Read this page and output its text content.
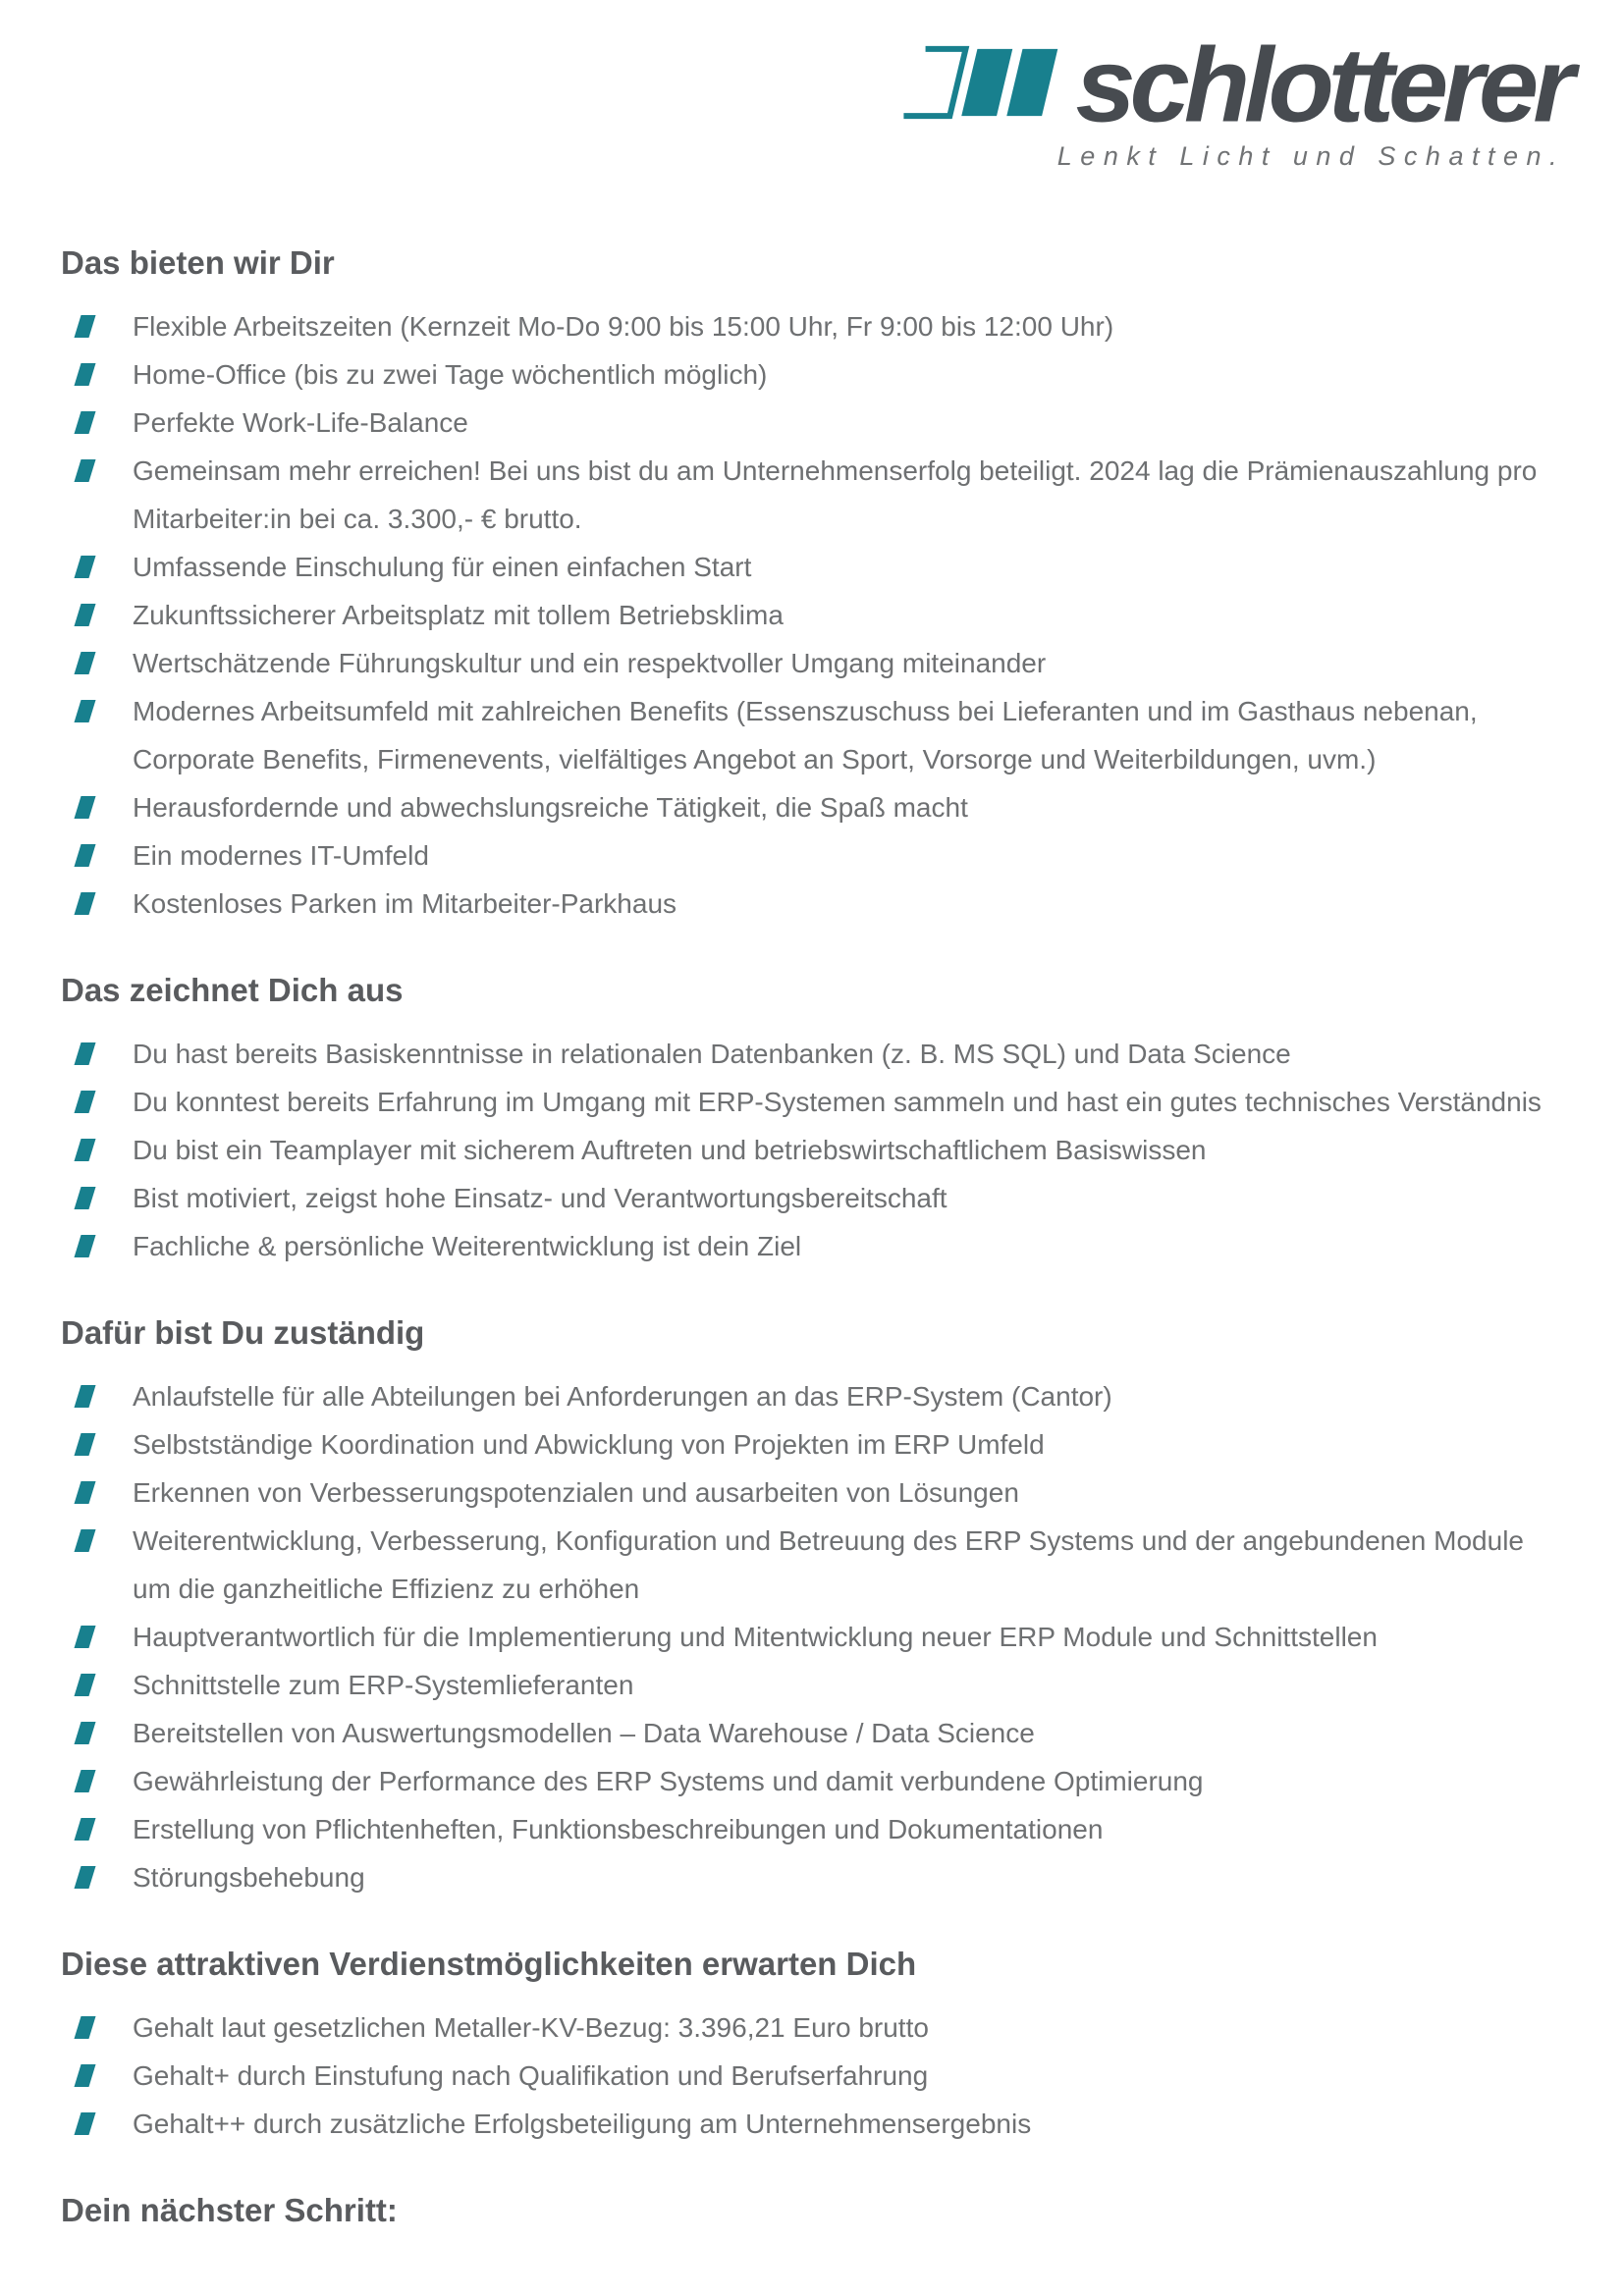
schlotterer
Lenkt Licht und Schatten.
Das bieten wir Dir
Flexible Arbeitszeiten (Kernzeit Mo-Do 9:00 bis 15:00 Uhr, Fr 9:00 bis 12:00 Uhr)
Home-Office (bis zu zwei Tage wöchentlich möglich)
Perfekte Work-Life-Balance
Gemeinsam mehr erreichen! Bei uns bist du am Unternehmenserfolg beteiligt. 2024 lag die Prämienauszahlung pro Mitarbeiter:in bei ca. 3.300,- € brutto.
Umfassende Einschulung für einen einfachen Start
Zukunftssicherer Arbeitsplatz mit tollem Betriebsklima
Wertschätzende Führungskultur und ein respektvoller Umgang miteinander
Modernes Arbeitsumfeld mit zahlreichen Benefits (Essenszuschuss bei Lieferanten und im Gasthaus nebenan, Corporate Benefits, Firmenevents, vielfältiges Angebot an Sport, Vorsorge und Weiterbildungen, uvm.)
Herausfordernde und abwechslungsreiche Tätigkeit, die Spaß macht
Ein modernes IT-Umfeld
Kostenloses Parken im Mitarbeiter-Parkhaus
Das zeichnet Dich aus
Du hast bereits Basiskenntnisse in relationalen Datenbanken (z. B. MS SQL) und Data Science
Du konntest bereits Erfahrung im Umgang mit ERP-Systemen sammeln und hast ein gutes technisches Verständnis
Du bist ein Teamplayer mit sicherem Auftreten und betriebswirtschaftlichem Basiswissen
Bist motiviert, zeigst hohe Einsatz- und Verantwortungsbereitschaft
Fachliche & persönliche Weiterentwicklung ist dein Ziel
Dafür bist Du zuständig
Anlaufstelle für alle Abteilungen bei Anforderungen an das ERP-System (Cantor)
Selbstständige Koordination und Abwicklung von Projekten im ERP Umfeld
Erkennen von Verbesserungspotenzialen und ausarbeiten von Lösungen
Weiterentwicklung, Verbesserung, Konfiguration und Betreuung des ERP Systems und der angebundenen Module um die ganzheitliche Effizienz zu erhöhen
Hauptverantwortlich für die Implementierung und Mitentwicklung neuer ERP Module und Schnittstellen
Schnittstelle zum ERP-Systemlieferanten
Bereitstellen von Auswertungsmodellen – Data Warehouse / Data Science
Gewährleistung der Performance des ERP Systems und damit verbundene Optimierung
Erstellung von Pflichtenheften, Funktionsbeschreibungen und Dokumentationen
Störungsbehebung
Diese attraktiven Verdienstmöglichkeiten erwarten Dich
Gehalt laut gesetzlichen Metaller-KV-Bezug: 3.396,21 Euro brutto
Gehalt+ durch Einstufung nach Qualifikation und Berufserfahrung
Gehalt++ durch zusätzliche Erfolgsbeteiligung am Unternehmensergebnis
Dein nächster Schritt:
